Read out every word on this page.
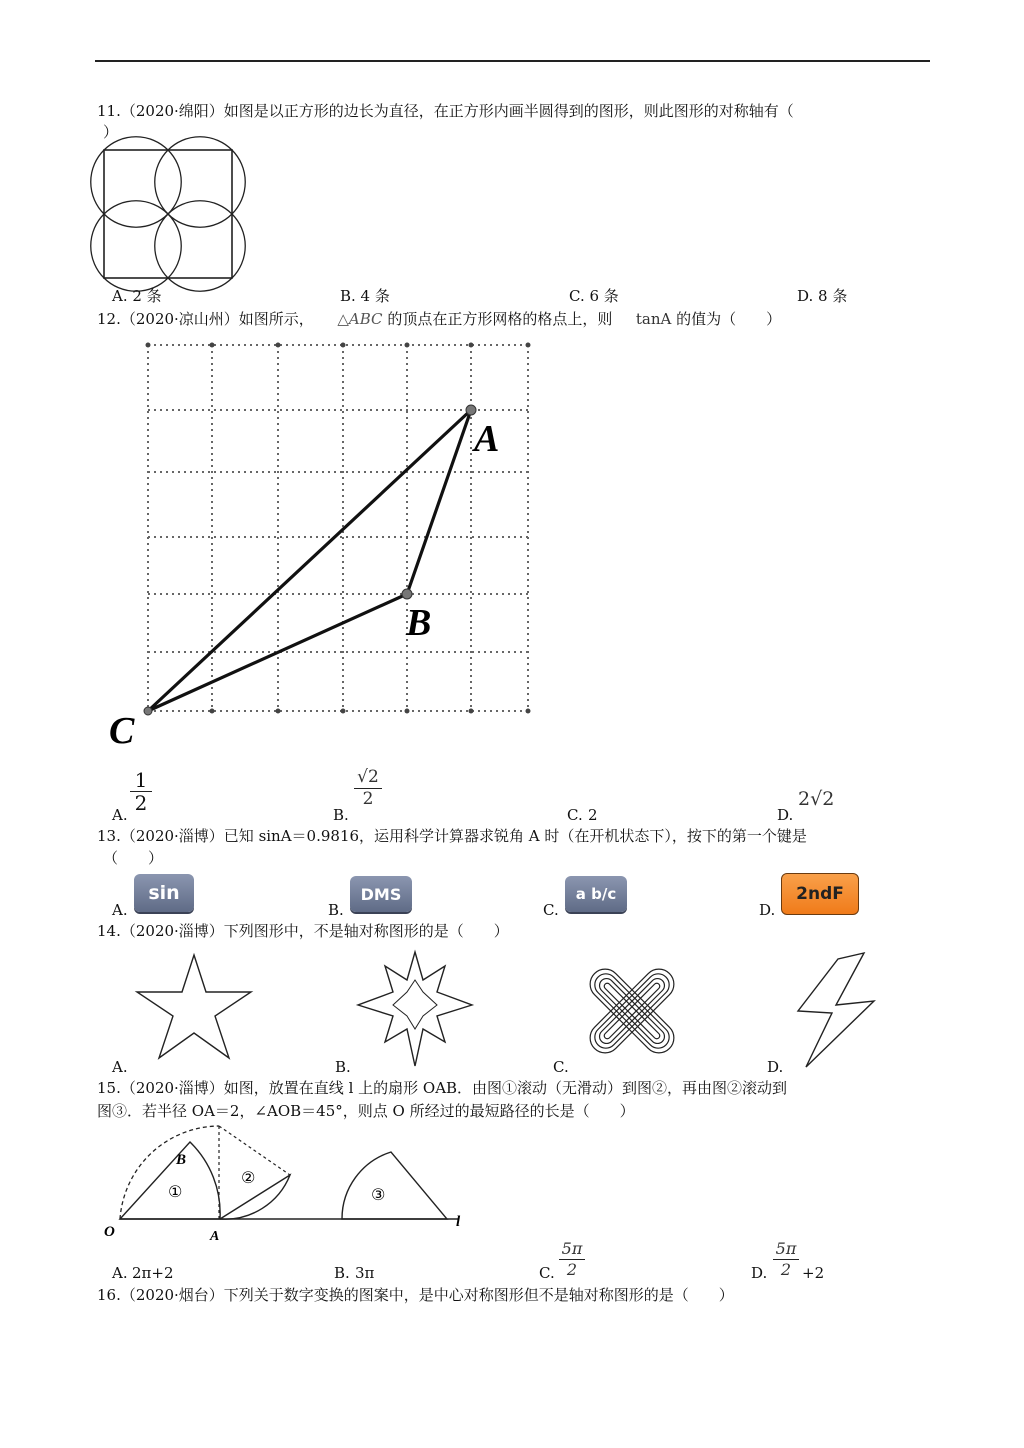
11.（2020·绵阳）如图是以正方形的边长为直径，在正方形内画半圆得到的图形，则此图形的对称轴有（
）
A. 2 条	B. 4 条	C. 6 条	D. 8 条
12.（2020·凉山州）如图所示， △ABC 的顶点在正方形网格的格点上，则 tanA 的值为（　　）
A
B
C
A.
1
2	B.
√2
2
C. 2	D.
2√2
13.（2020·淄博）已知 sinA＝0.9816，运用科学计算器求锐角 A 时（在开机状态下），按下的第一个键是
（　　）
A.
sin
B.
DMS
C.
a b/c
D.
2ndF
14.（2020·淄博）下列图形中，不是轴对称图形的是（　　）
A.	B.	C.	D.
15.（2020·淄博）如图，放置在直线 l 上的扇形 OAB．由图①滚动（无滑动）到图②，再由图②滚动到
图③．若半径 OA＝2，∠AOB＝45°，则点 O 所经过的最短路径的长是（　　）
O	A
B
l
①
②
③
A. 2π+2	B. 3π	C.
5π
2	D.
5π
2 +2
16.（2020·烟台）下列关于数字变换的图案中，是中心对称图形但不是轴对称图形的是（　　）
